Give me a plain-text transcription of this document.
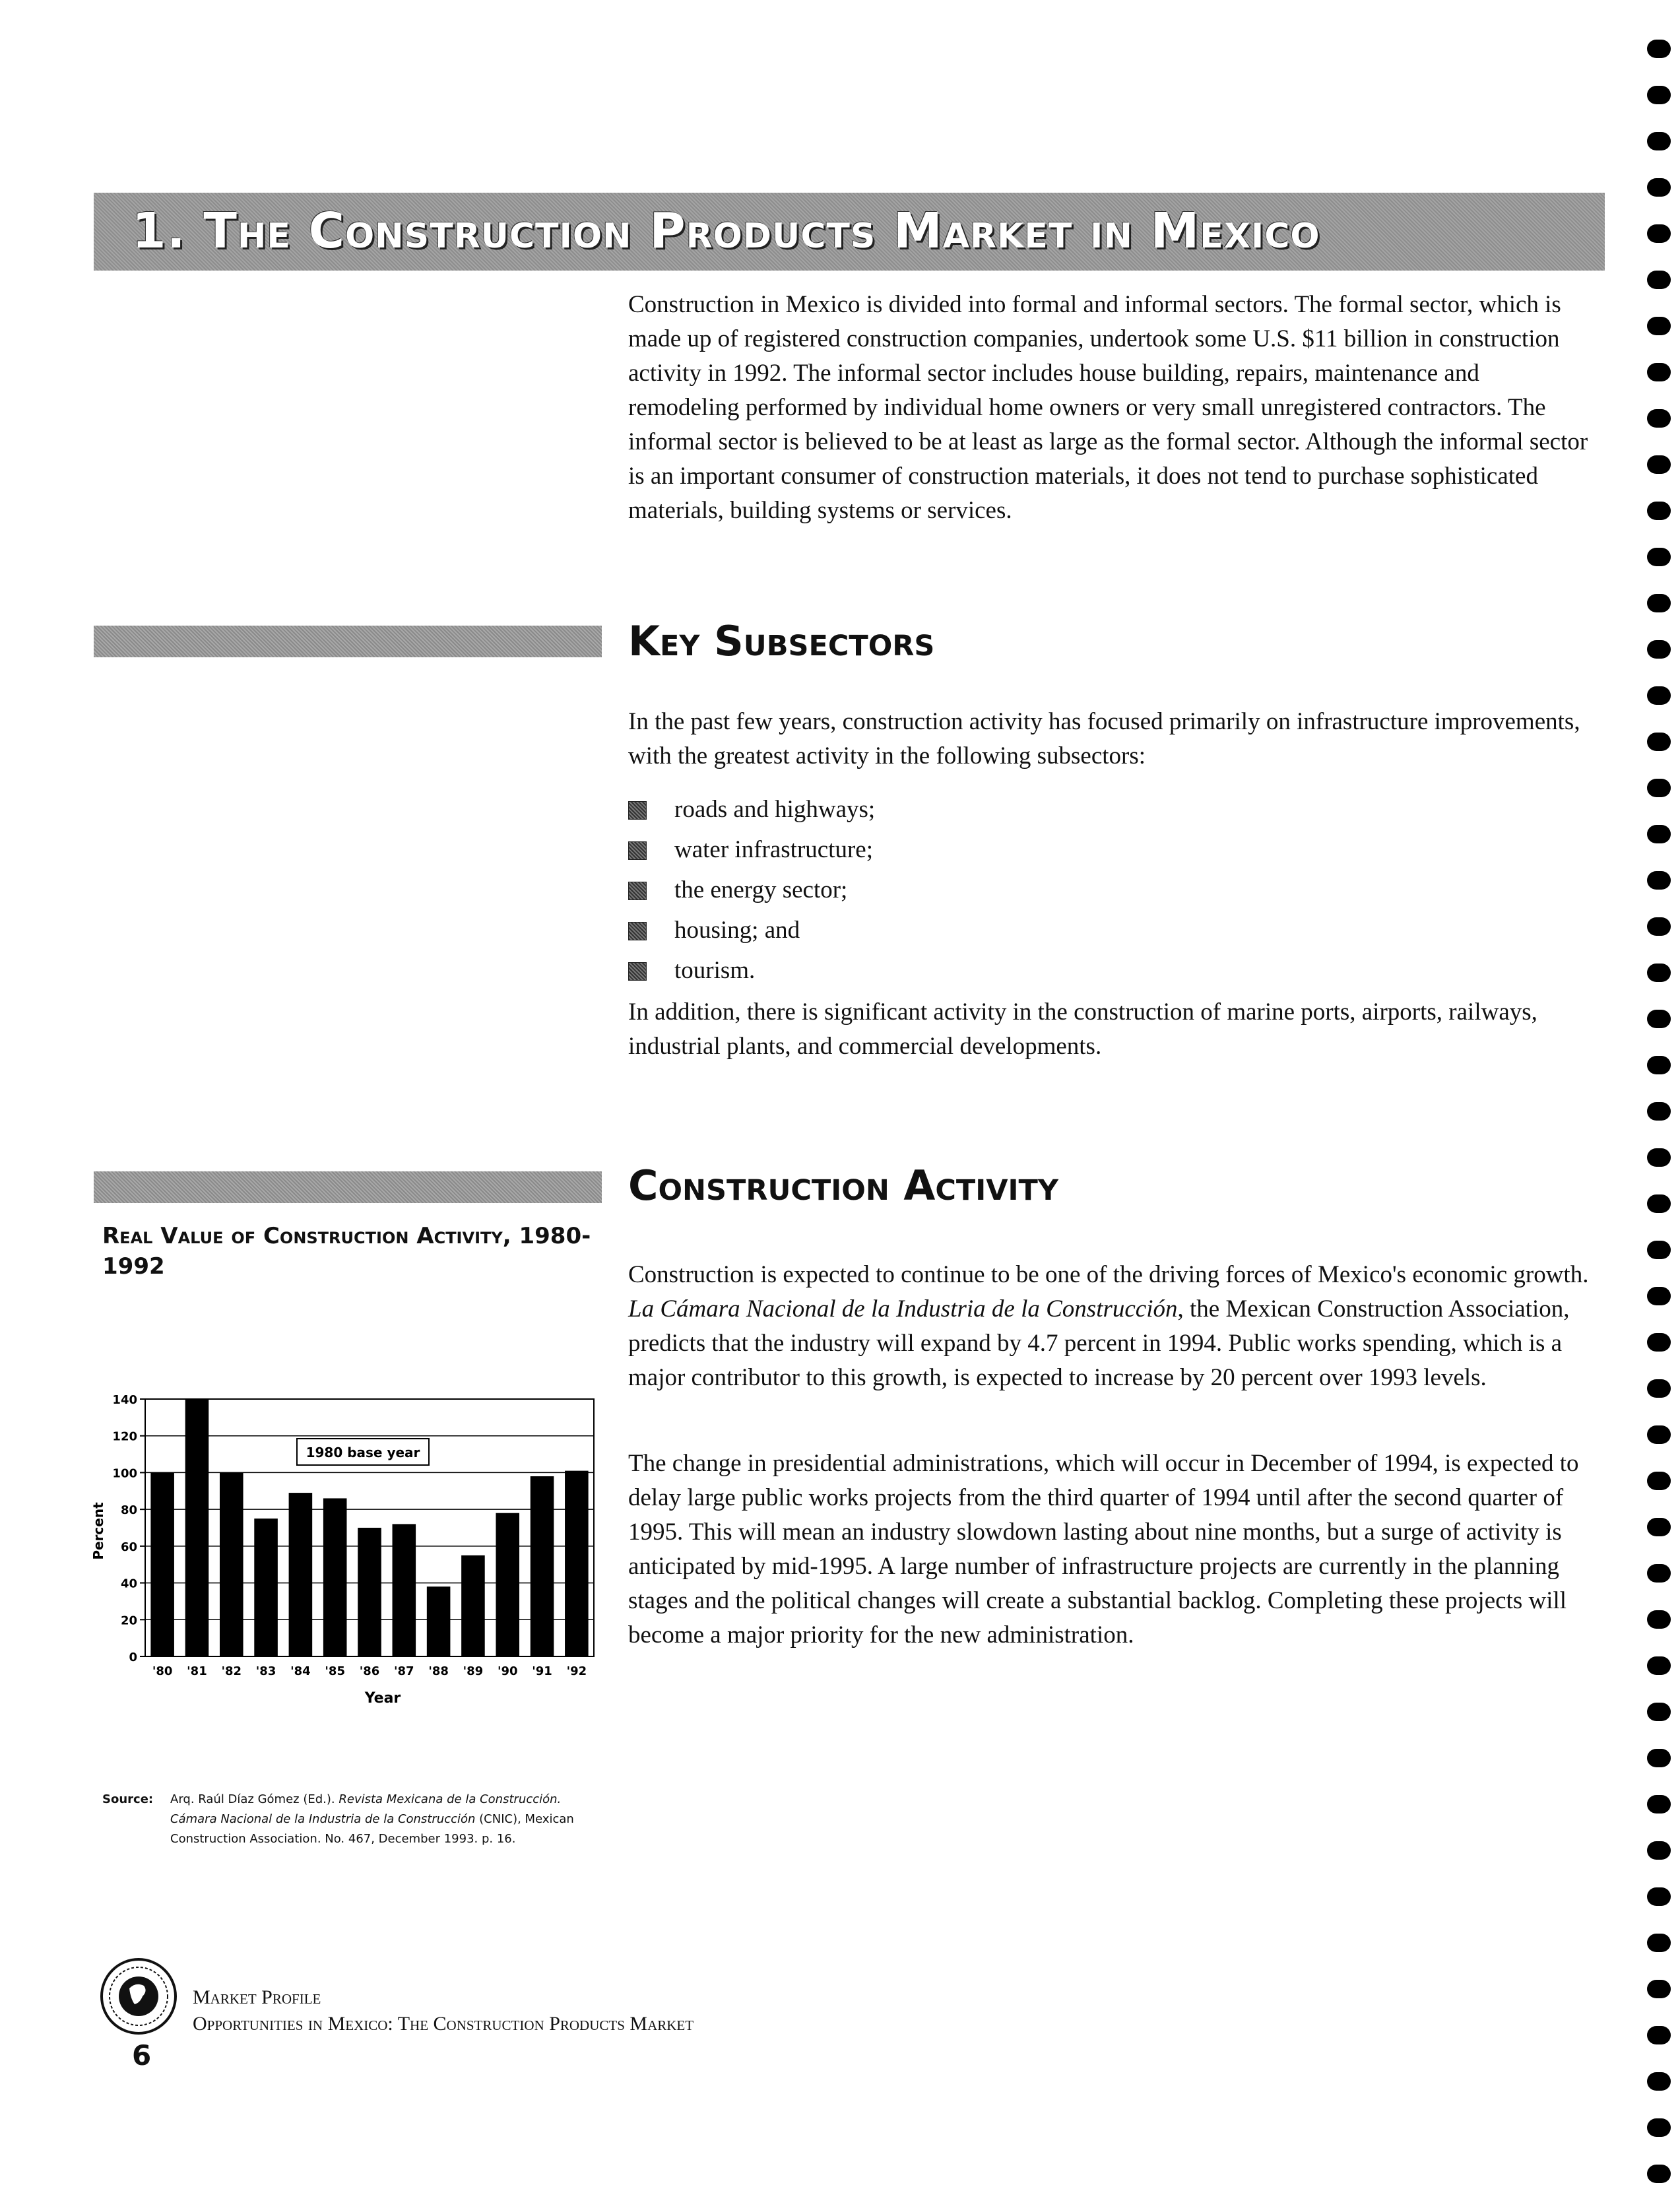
1. The Construction Products Market in Mexico

Construction in Mexico is divided into formal and informal sectors. The formal sector, which is made up of registered construction companies, undertook some U.S. $11 billion in construction activity in 1992. The informal sector includes house building, repairs, maintenance and remodeling performed by individual home owners or very small unregistered contractors. The informal sector is believed to be at least as large as the formal sector. Although the informal sector is an important consumer of construction materials, it does not tend to purchase sophisticated materials, building systems or services.

Key Subsectors

In the past few years, construction activity has focused primarily on infrastructure improvements, with the greatest activity in the following subsectors:

roads and highways;
water infrastructure;
the energy sector;
housing; and
tourism.

In addition, there is significant activity in the construction of marine ports, airports, railways, industrial plants, and commercial developments.

Construction Activity

Construction is expected to continue to be one of the driving forces of Mexico's economic growth. La Cámara Nacional de la Industria de la Construcción, the Mexican Construction Association, predicts that the industry will expand by 4.7 percent in 1994. Public works spending, which is a major contributor to this growth, is expected to increase by 20 percent over 1993 levels.

The change in presidential administrations, which will occur in December of 1994, is expected to delay large public works projects from the third quarter of 1994 until after the second quarter of 1995. This will mean an industry slowdown lasting about nine months, but a surge of activity is anticipated by mid-1995. A large number of infrastructure projects are currently in the planning stages and the political changes will create a substantial backlog. Completing these projects will become a major priority for the new administration.

Real Value of Construction Activity, 1980-1992
0
20
40
60
80
100
120
140
'80 '81 '82 '83 '84 '85 '86 '87 '88 '89 '90 '91 '92
Percent
Year
1980 base year
Source: Arq. Raúl Díaz Gómez (Ed.). Revista Mexicana de la Construcción. Cámara Nacional de la Industria de la Construcción (CNIC), Mexican Construction Association. No. 467, December 1993. p. 16.
Market Profile
Opportunities in Mexico: The Construction Products Market
6
